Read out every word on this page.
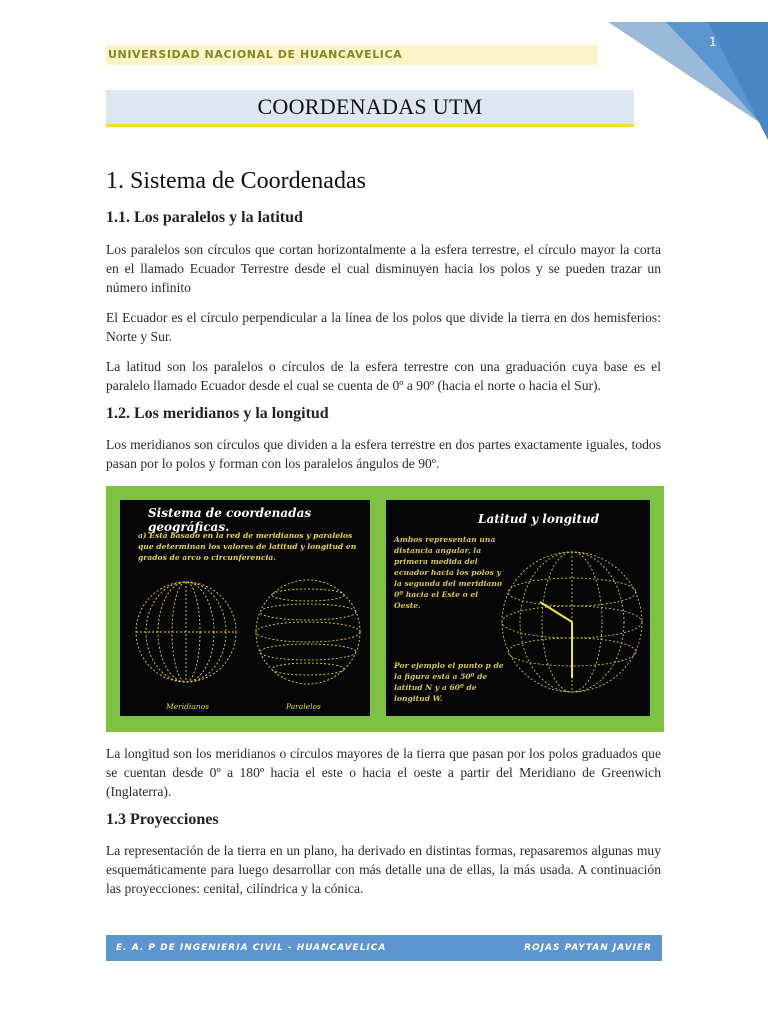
UNIVERSIDAD NACIONAL DE HUANCAVELICA
1
COORDENADAS UTM
1. Sistema de Coordenadas
1.1. Los paralelos y la latitud

Los paralelos son círculos que cortan horizontalmente a la esfera terrestre, el círculo mayor la corta en el llamado Ecuador Terrestre desde el cual disminuyen hacia los polos y se pueden trazar un número infinito

El Ecuador es el círculo perpendicular a la línea de los polos que divide la tierra en dos hemisferios: Norte y Sur.

La latitud son los paralelos o círculos de la esfera terrestre con una graduación cuya base es el paralelo llamado Ecuador desde el cual se cuenta de 0º a 90º (hacia el norte o hacia el Sur).

1.2. Los meridianos y la longitud

Los meridianos son círculos que dividen a la esfera terrestre en dos partes exactamente iguales, todos pasan por lo polos y forman con los paralelos ángulos de 90º.

Sistema de coordenadas geográficas.
a) Está basado en la red de meridianos y paralelos que determinan los valores de latitud y longitud en grados de arco o circunferencia.
Meridianos	Paralelos
Latitud y longitud
Ambos representan una distancia angular, la primera medida del ecuador hacia los polos y la segunda del meridiano 0º hacia el Este o el Oeste.
Por ejemplo el punto p de la figura está a 50º de latitud N y a 60º de longitud W.

La longitud son los meridianos o círculos mayores de la tierra que pasan por los polos graduados que se cuentan desde 0º a 180º hacia el este o hacia el oeste a partir del Meridiano de Greenwich (Inglaterra).

1.3 Proyecciones

La representación de la tierra en un plano, ha derivado en distintas formas, repasaremos algunas muy esquemáticamente para luego desarrollar con más detalle una de ellas, la más usada. A continuación las proyecciones: cenital, cilíndrica y la cónica.

E. A. P DE INGENIERIA CIVIL - HUANCAVELICA	ROJAS PAYTAN JAVIER
